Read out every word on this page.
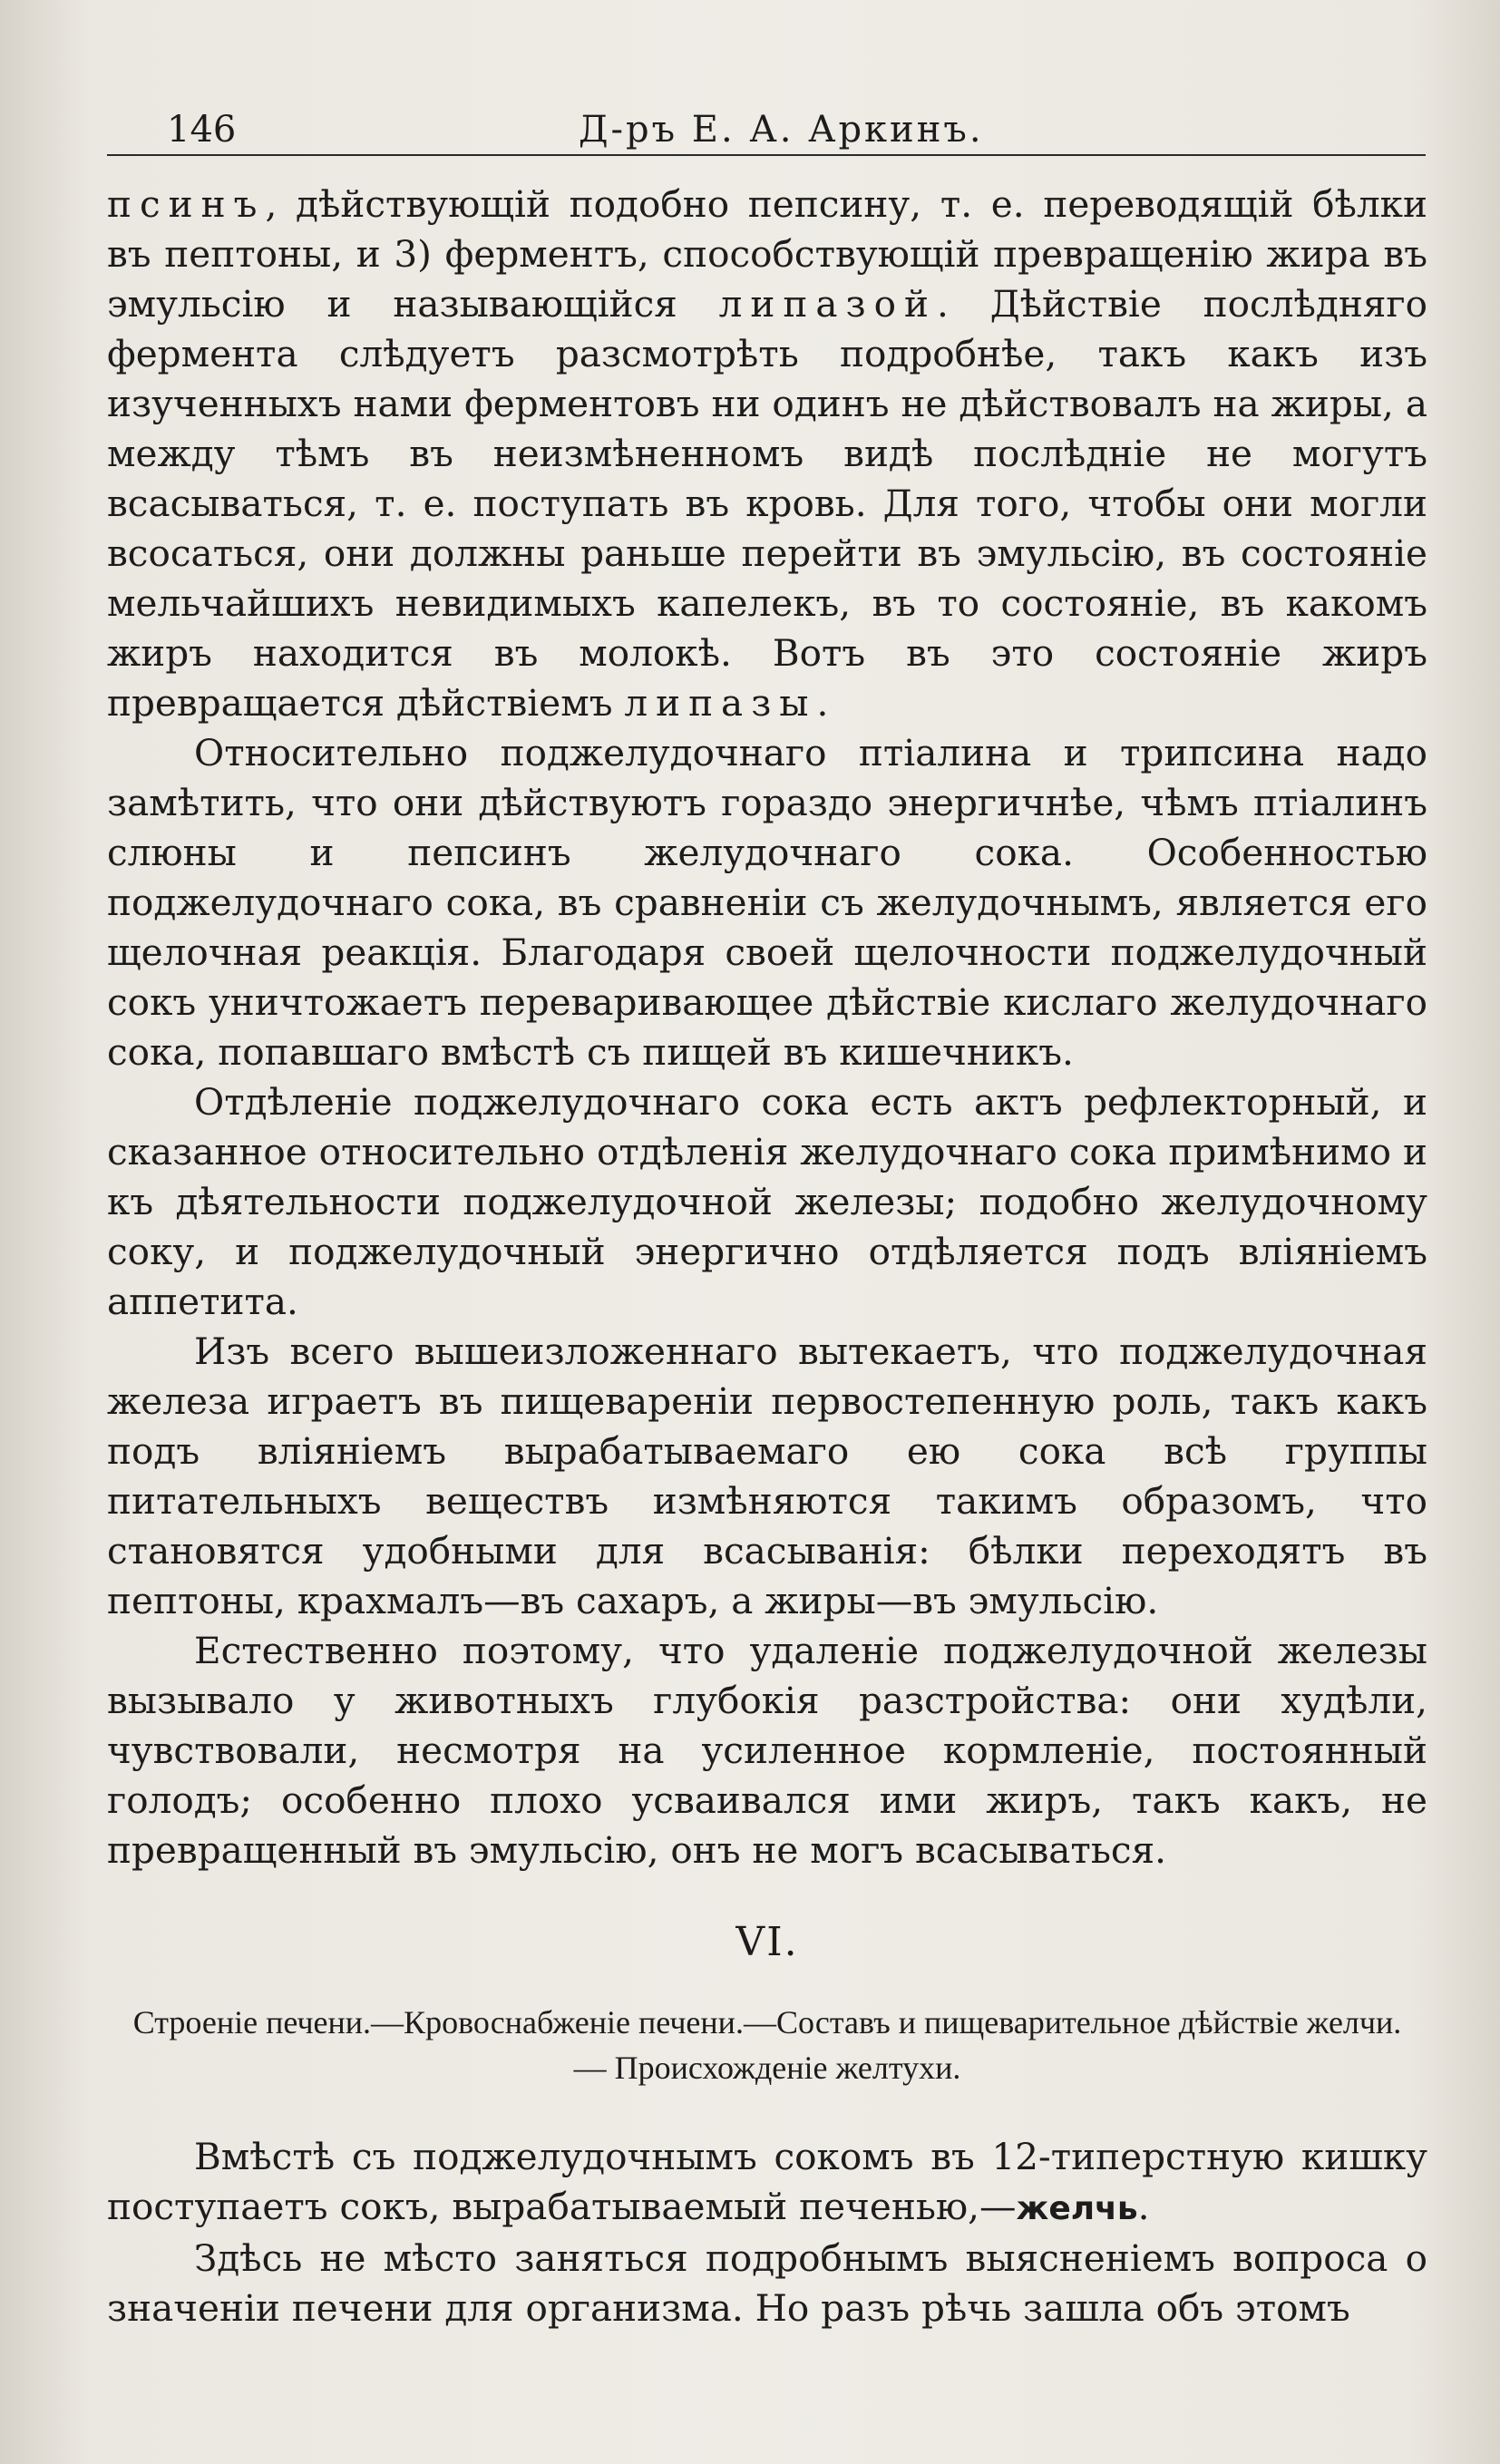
146	Д-ръ Е. А. Аркинъ.

псинъ, дѣйствующій подобно пепсину, т. е. переводящій бѣлки въ пептоны, и 3) ферментъ, способствующій превращенію жира въ эмульсію и называющійся липазой. Дѣйствіе послѣдняго фермента слѣдуетъ разсмотрѣть подробнѣе, такъ какъ изъ изученныхъ нами ферментовъ ни одинъ не дѣйствовалъ на жиры, а между тѣмъ въ неизмѣненномъ видѣ послѣдніе не могутъ всасываться, т. е. поступать въ кровь. Для того, чтобы они могли всосаться, они должны раньше перейти въ эмульсію, въ состояніе мельчайшихъ невидимыхъ капелекъ, въ то состояніе, въ какомъ жиръ находится въ молокѣ. Вотъ въ это состояніе жиръ превращается дѣйствіемъ липазы.

Относительно поджелудочнаго птіалина и трипсина надо замѣтить, что они дѣйствуютъ гораздо энергичнѣе, чѣмъ птіалинъ слюны и пепсинъ желудочнаго сока. Особенностью поджелудочнаго сока, въ сравненіи съ желудочнымъ, является его щелочная реакція. Благодаря своей щелочности поджелудочный сокъ уничтожаетъ переваривающее дѣйствіе кислаго желудочнаго сока, попавшаго вмѣстѣ съ пищей въ кишечникъ.

Отдѣленіе поджелудочнаго сока есть актъ рефлекторный, и сказанное относительно отдѣленія желудочнаго сока примѣнимо и къ дѣятельности поджелудочной железы; подобно желудочному соку, и поджелудочный энергично отдѣляется подъ вліяніемъ аппетита.

Изъ всего вышеизложеннаго вытекаетъ, что поджелудочная железа играетъ въ пищевареніи первостепенную роль, такъ какъ подъ вліяніемъ вырабатываемаго ею сока всѣ группы питательныхъ веществъ измѣняются такимъ образомъ, что становятся удобными для всасыванія: бѣлки переходятъ въ пептоны, крахмалъ—въ сахаръ, а жиры—въ эмульсію.

Естественно поэтому, что удаленіе поджелудочной железы вызывало у животныхъ глубокія разстройства: они худѣли, чувствовали, несмотря на усиленное кормленіе, постоянный голодъ; особенно плохо усваивался ими жиръ, такъ какъ, не превращенный въ эмульсію, онъ не могъ всасываться.

VI.
Строеніе печени.—Кровоснабженіе печени.—Составъ и пищеварительное дѣйствіе желчи.— Происхожденіе желтухи.

Вмѣстѣ съ поджелудочнымъ сокомъ въ 12-типерстную кишку поступаетъ сокъ, вырабатываемый печенью,—желчь.

Здѣсь не мѣсто заняться подробнымъ выясненіемъ вопроса о значеніи печени для организма. Но разъ рѣчь зашла объ этомъ
